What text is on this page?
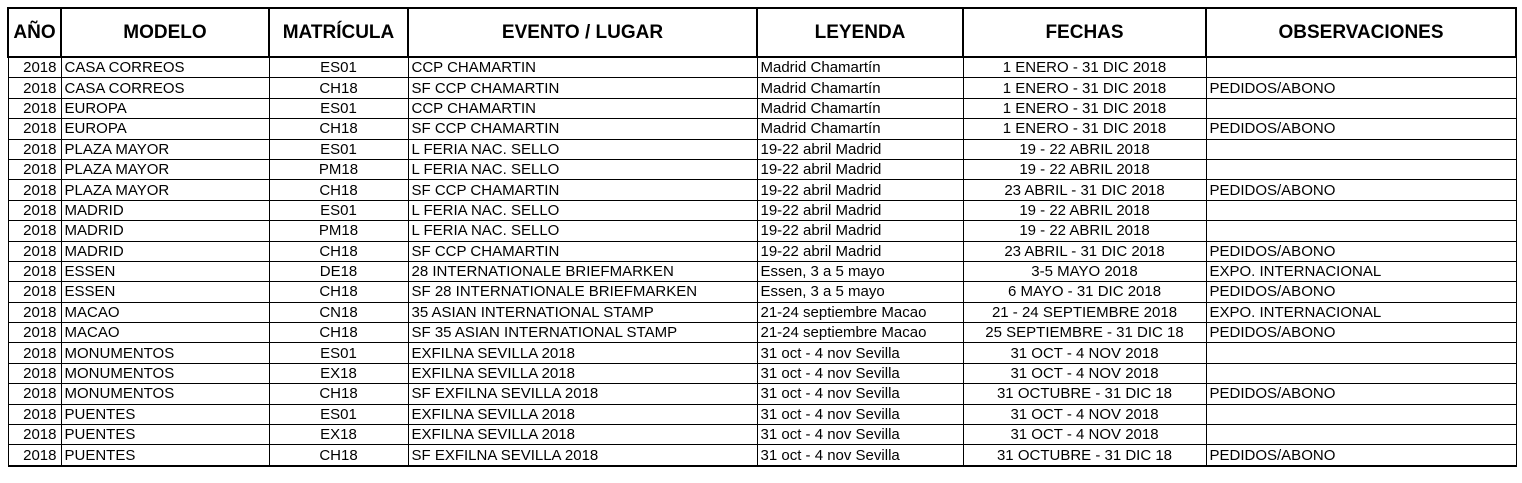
AÑO	MODELO	MATRÍCULA	EVENTO / LUGAR	LEYENDA	FECHAS	OBSERVACIONES
2018	CASA CORREOS	ES01	CCP CHAMARTIN	Madrid Chamartín	1 ENERO - 31 DIC 2018	
2018	CASA CORREOS	CH18	SF CCP CHAMARTIN	Madrid Chamartín	1 ENERO - 31 DIC 2018	PEDIDOS/ABONO
2018	EUROPA	ES01	CCP CHAMARTIN	Madrid Chamartín	1 ENERO - 31 DIC 2018	
2018	EUROPA	CH18	SF CCP CHAMARTIN	Madrid Chamartín	1 ENERO - 31 DIC 2018	PEDIDOS/ABONO
2018	PLAZA MAYOR	ES01	L FERIA NAC. SELLO	19-22 abril Madrid	19 - 22 ABRIL 2018	
2018	PLAZA MAYOR	PM18	L FERIA NAC. SELLO	19-22 abril Madrid	19 - 22 ABRIL 2018	
2018	PLAZA MAYOR	CH18	SF CCP CHAMARTIN	19-22 abril Madrid	23 ABRIL - 31 DIC 2018	PEDIDOS/ABONO
2018	MADRID	ES01	L FERIA NAC. SELLO	19-22 abril Madrid	19 - 22 ABRIL 2018	
2018	MADRID	PM18	L FERIA NAC. SELLO	19-22 abril Madrid	19 - 22 ABRIL 2018	
2018	MADRID	CH18	SF CCP CHAMARTIN	19-22 abril Madrid	23 ABRIL - 31 DIC 2018	PEDIDOS/ABONO
2018	ESSEN	DE18	28 INTERNATIONALE BRIEFMARKEN	Essen, 3 a 5 mayo	3-5 MAYO 2018	EXPO. INTERNACIONAL
2018	ESSEN	CH18	SF 28 INTERNATIONALE BRIEFMARKEN	Essen, 3 a 5 mayo	6 MAYO - 31 DIC 2018	PEDIDOS/ABONO
2018	MACAO	CN18	35 ASIAN INTERNATIONAL STAMP	21-24 septiembre Macao	21 - 24 SEPTIEMBRE 2018	EXPO. INTERNACIONAL
2018	MACAO	CH18	SF 35 ASIAN INTERNATIONAL STAMP	21-24 septiembre Macao	25 SEPTIEMBRE - 31 DIC 18	PEDIDOS/ABONO
2018	MONUMENTOS	ES01	EXFILNA SEVILLA 2018	31 oct - 4 nov Sevilla	31 OCT - 4 NOV 2018	
2018	MONUMENTOS	EX18	EXFILNA SEVILLA 2018	31 oct - 4 nov Sevilla	31 OCT - 4 NOV 2018	
2018	MONUMENTOS	CH18	SF EXFILNA SEVILLA 2018	31 oct - 4 nov Sevilla	31 OCTUBRE - 31 DIC 18	PEDIDOS/ABONO
2018	PUENTES	ES01	EXFILNA SEVILLA 2018	31 oct - 4 nov Sevilla	31 OCT - 4 NOV 2018	
2018	PUENTES	EX18	EXFILNA SEVILLA 2018	31 oct - 4 nov Sevilla	31 OCT - 4 NOV 2018	
2018	PUENTES	CH18	SF EXFILNA SEVILLA 2018	31 oct - 4 nov Sevilla	31 OCTUBRE - 31 DIC 18	PEDIDOS/ABONO
